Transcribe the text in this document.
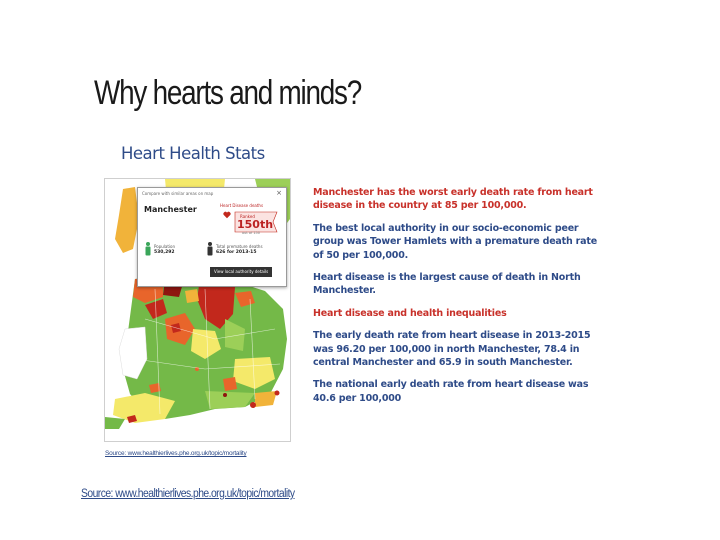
Why hearts and minds?
Heart Health Stats
Compare with similar areas on map	×
Manchester	Heart Disease deaths
Ranked
150th
out of 150
Population
530,292
Total premature deaths
626 for 2013-15
View local authority details
Source: www.healthierlives.phe.org.uk/topic/mortality

Manchester has the worst early death rate from heart disease in the country at 85 per 100,000.

The best local authority in our socio-economic peer group was Tower Hamlets with a premature death rate of 50 per 100,000.

Heart disease is the largest cause of death in North Manchester.

Heart disease and health inequalities

The early death rate from heart disease in 2013-2015 was 96.20 per 100,000 in north Manchester, 78.4 in central Manchester and 65.9 in south Manchester.

The national early death rate from heart disease was 40.6 per 100,000

Source: www.healthierlives.phe.org.uk/topic/mortality
